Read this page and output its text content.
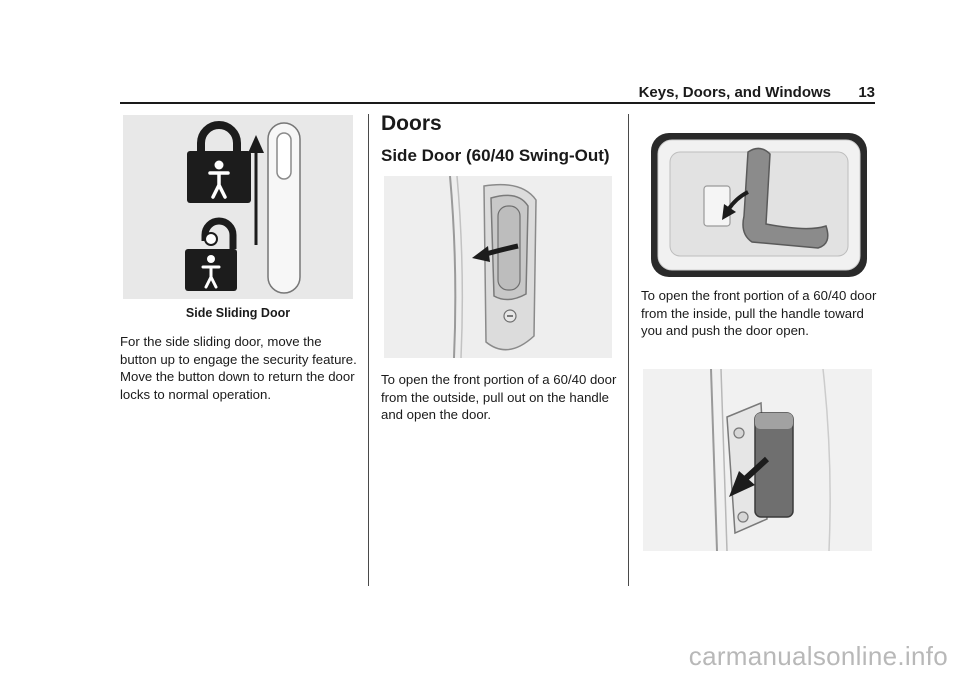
Keys, Doors, and Windows 13
Side Sliding Door

For the side sliding door, move the button up to engage the security feature. Move the button down to return the door locks to normal operation.

Doors
Side Door (60/40 Swing-Out)

To open the front portion of a 60/40 door from the outside, pull out on the handle and open the door.

To open the front portion of a 60/40 door from the inside, pull the handle toward you and push the door open.

carmanualsonline.info
